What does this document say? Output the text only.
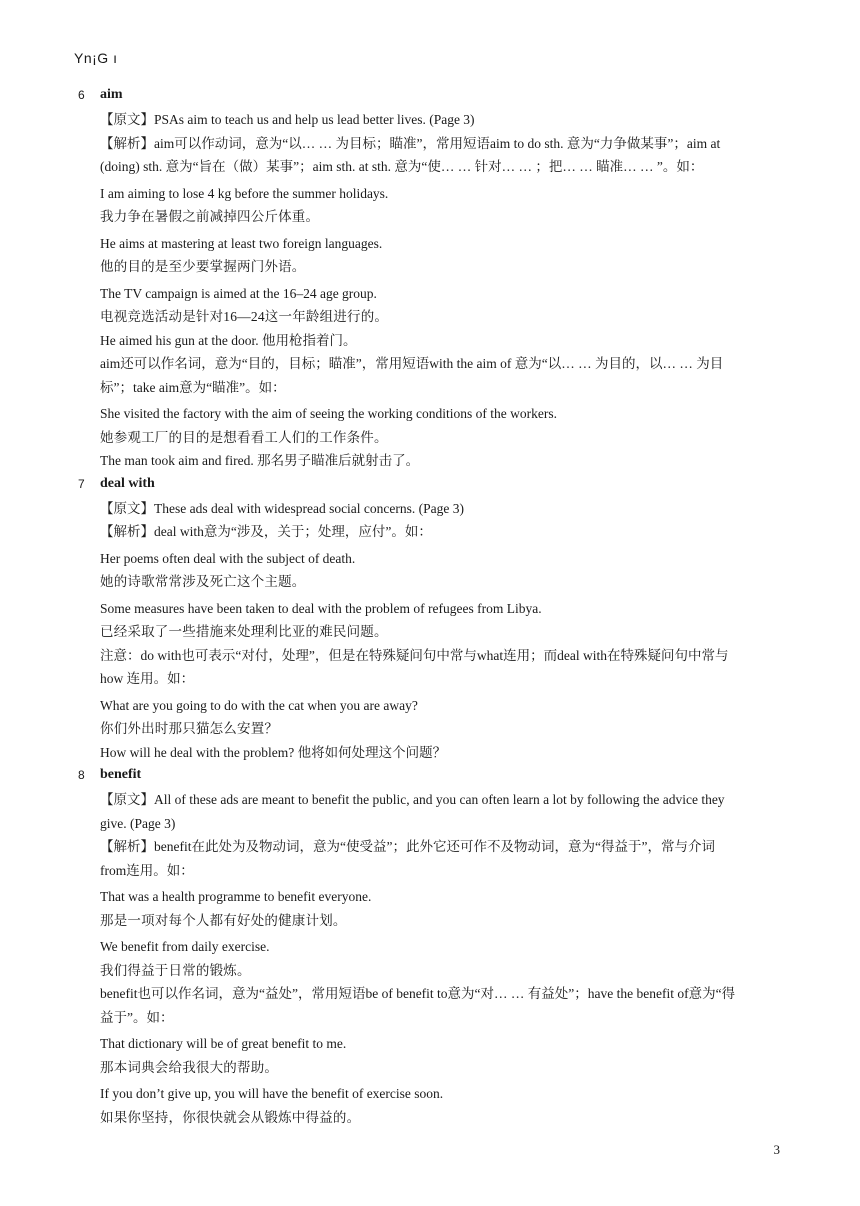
Yn¡G ı
6 aim
【原文】PSAs aim to teach us and help us lead better lives. (Page 3)
【解析】aim可以作动词，意为“以… … 为目标；瞄准”，常用短语aim to do sth. 意为“力争做某事”；aim at
(doing) sth. 意为“旨在（做）某事”；aim sth. at sth. 意为“使… … 针对… … ；把… … 瞄准… … ”。如：
I am aiming to lose 4 kg before the summer holidays.
我力争在暑假之前减掉四公斤体重。
He aims at mastering at least two foreign languages.
他的目的是至少要掌握两门外语。
The TV campaign is aimed at the 16–24 age group.
电视竞选活动是针对16—24这一年龄组进行的。
He aimed his gun at the door. 他用枪指着门。
aim还可以作名词，意为“目的，目标；瞄准”，常用短语with the aim of 意为“以… … 为目的，以… … 为目
标”；take aim意为“瞄准”。如：
She visited the factory with the aim of seeing the working conditions of the workers.
她参观工厂的目的是想看看工人们的工作条件。
The man took aim and fired. 那名男子瞄准后就射击了。
7 deal with
【原文】These ads deal with widespread social concerns. (Page 3)
【解析】deal with意为“涉及，关于；处理，应付”。如：
Her poems often deal with the subject of death.
她的诗歌常常涉及死亡这个主题。
Some measures have been taken to deal with the problem of refugees from Libya.
已经采取了一些措施来处理利比亚的难民问题。
注意：do with也可表示“对付，处理”，但是在特殊疑问句中常与what连用；而deal with在特殊疑问句中常与
how 连用。如：
What are you going to do with the cat when you are away?
你们外出时那只猫怎么安置？
How will he deal with the problem? 他将如何处理这个问题？
8 benefit
【原文】All of these ads are meant to benefit the public, and you can often learn a lot by following the advice they
give. (Page 3)
【解析】benefit在此处为及物动词，意为“使受益”；此外它还可作不及物动词，意为“得益于”，常与介词
from连用。如：
That was a health programme to benefit everyone.
那是一项对每个人都有好处的健康计划。
We benefit from daily exercise.
我们得益于日常的锻炼。
benefit也可以作名词，意为“益处”，常用短语be of benefit to意为“对… … 有益处”；have the benefit of意为“得
益于”。如：
That dictionary will be of great benefit to me.
那本词典会给我很大的帮助。
If you don’t give up, you will have the benefit of exercise soon.
如果你坚持，你很快就会从锻炼中得益的。
3
